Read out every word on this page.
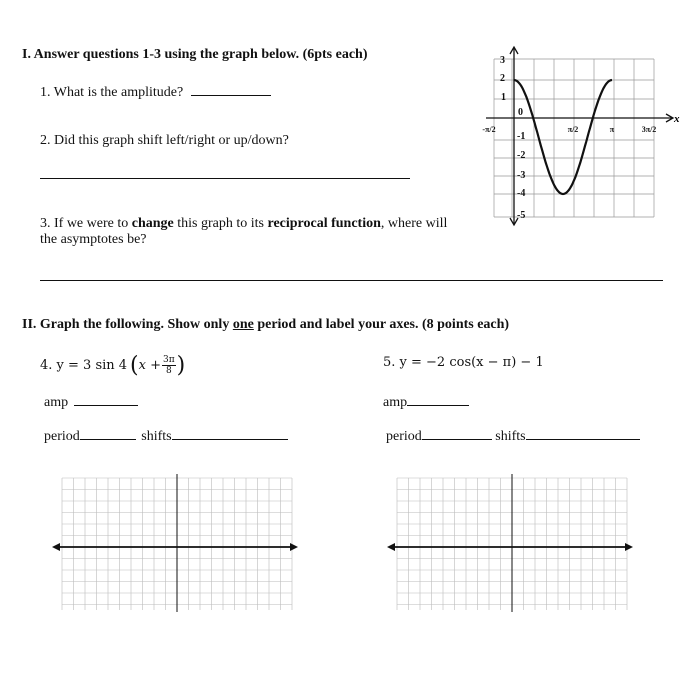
I. Answer questions 1-3 using the graph below. (6pts each)
1. What is the amplitude?
2. Did this graph shift left/right or up/down?
3. If we were to change this graph to its reciprocal function, where will
the asymptotes be?
3
2
1
0
-1
-2
-3
-4
-5
-π/2	π/2	π	3π/2
x
II. Graph the following. Show only one period and label your axes. (8 points each)
4. y = 3 sin 4 ( $x + \frac{3\pi}{8}$ )	5. y = −2 cos(x − π) − 1
amp
period	shifts
amp
period	shifts
